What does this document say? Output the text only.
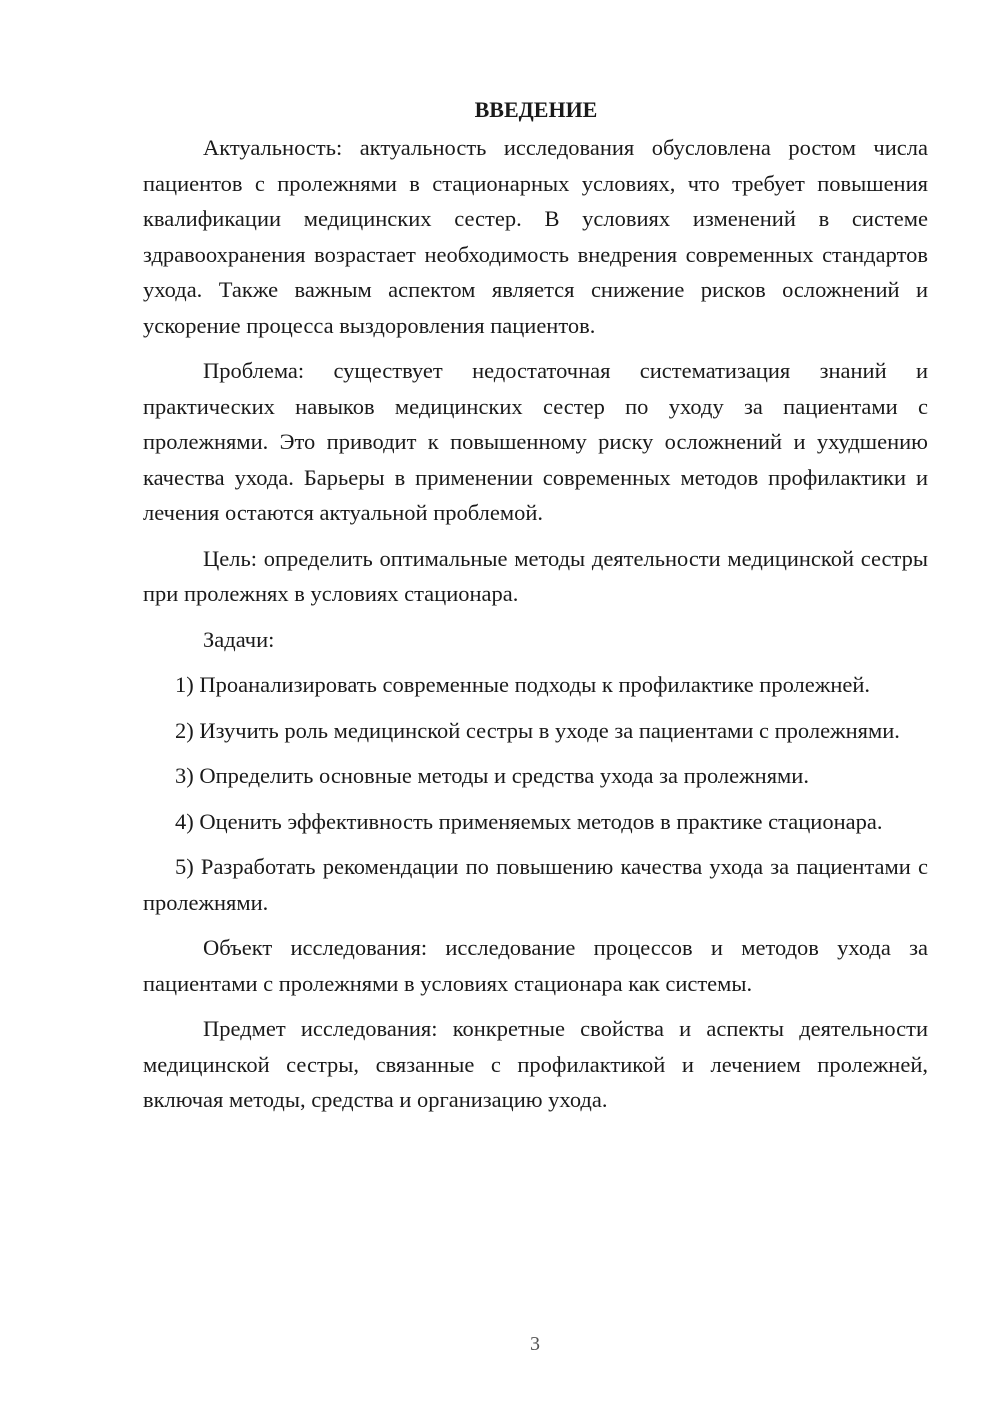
ВВЕДЕНИЕ

Актуальность: актуальность исследования обусловлена ростом числа пациентов с пролежнями в стационарных условиях, что требует повышения квалификации медицинских сестер. В условиях изменений в системе здравоохранения возрастает необходимость внедрения современных стандартов ухода. Также важным аспектом является снижение рисков осложнений и ускорение процесса выздоровления пациентов.

Проблема: существует недостаточная систематизация знаний и практических навыков медицинских сестер по уходу за пациентами с пролежнями. Это приводит к повышенному риску осложнений и ухудшению качества ухода. Барьеры в применении современных методов профилактики и лечения остаются актуальной проблемой.

Цель: определить оптимальные методы деятельности медицинской сестры при пролежнях в условиях стационара.

Задачи:

1) Проанализировать современные подходы к профилактике пролежней.

2) Изучить роль медицинской сестры в уходе за пациентами с пролежнями.

3) Определить основные методы и средства ухода за пролежнями.

4) Оценить эффективность применяемых методов в практике стационара.

5) Разработать рекомендации по повышению качества ухода за пациентами с пролежнями.

Объект исследования: исследование процессов и методов ухода за пациентами с пролежнями в условиях стационара как системы.

Предмет исследования: конкретные свойства и аспекты деятельности медицинской сестры, связанные с профилактикой и лечением пролежней, включая методы, средства и организацию ухода.

3
